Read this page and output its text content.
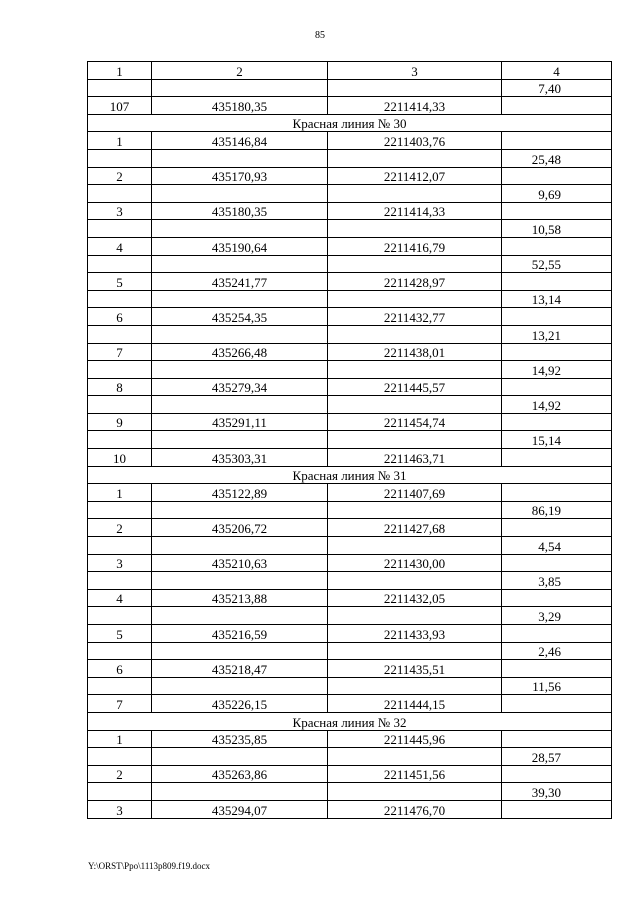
85
1	2	3	4
			7,40
107	435180,35	2211414,33	
Красная линия № 30			
1	435146,84	2211403,76	
			25,48
2	435170,93	2211412,07	
			9,69
3	435180,35	2211414,33	
			10,58
4	435190,64	2211416,79	
			52,55
5	435241,77	2211428,97	
			13,14
6	435254,35	2211432,77	
			13,21
7	435266,48	2211438,01	
			14,92
8	435279,34	2211445,57	
			14,92
9	435291,11	2211454,74	
			15,14
10	435303,31	2211463,71	
Красная линия № 31			
1	435122,89	2211407,69	
			86,19
2	435206,72	2211427,68	
			4,54
3	435210,63	2211430,00	
			3,85
4	435213,88	2211432,05	
			3,29
5	435216,59	2211433,93	
			2,46
6	435218,47	2211435,51	
			11,56
7	435226,15	2211444,15	
Красная линия № 32			
1	435235,85	2211445,96	
			28,57
2	435263,86	2211451,56	
			39,30
3	435294,07	2211476,70	
Y:\ORST\Ppo\1113p809.f19.docx
